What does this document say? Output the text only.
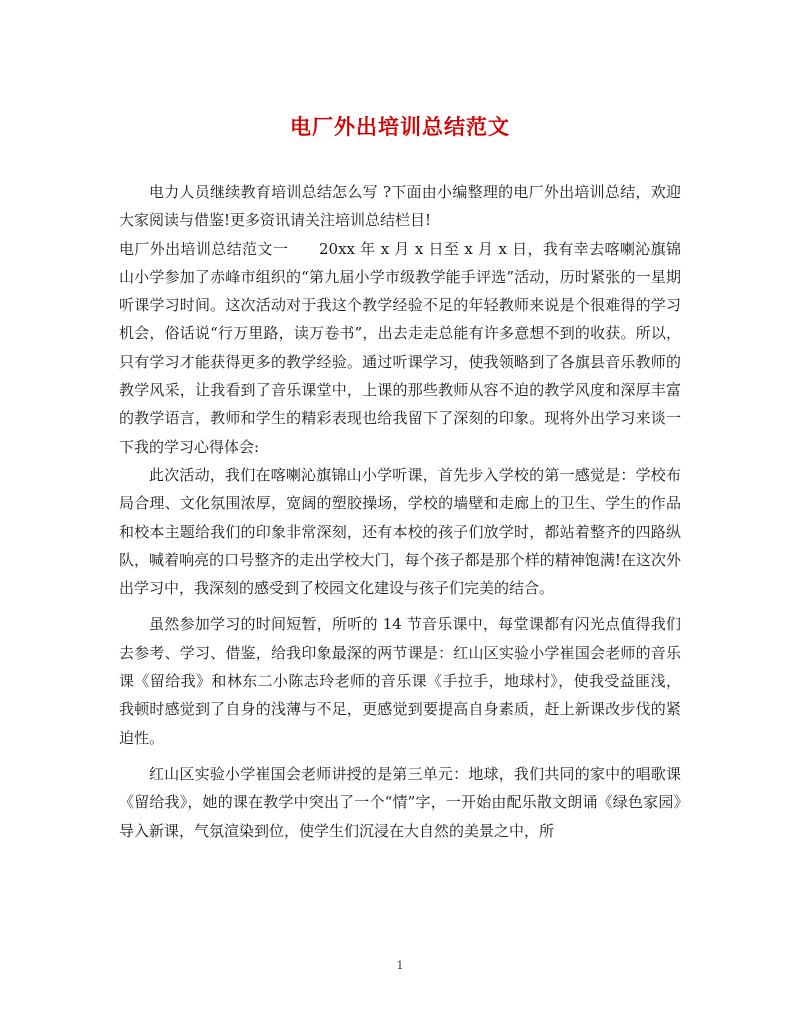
电厂外出培训总结范文

电力人员继续教育培训总结怎么写 ?下面由小编整理的电厂外出培训总结，欢迎大家阅读与借鉴!更多资讯请关注培训总结栏目!

电厂外出培训总结范文一　　20xx 年 x 月 x 日至 x 月 x 日，我有幸去喀喇沁旗锦山小学参加了赤峰市组织的“第九届小学市级教学能手评选”活动，历时紧张的一星期听课学习时间。这次活动对于我这个教学经验不足的年轻教师来说是个很难得的学习机会，俗话说“行万里路，读万卷书”，出去走走总能有许多意想不到的收获。所以，只有学习才能获得更多的教学经验。通过听课学习，使我领略到了各旗县音乐教师的教学风采，让我看到了音乐课堂中，上课的那些教师从容不迫的教学风度和深厚丰富的教学语言，教师和学生的精彩表现也给我留下了深刻的印象。现将外出学习来谈一下我的学习心得体会:

此次活动，我们在喀喇沁旗锦山小学听课，首先步入学校的第一感觉是：学校布局合理、文化氛围浓厚，宽阔的塑胶操场，学校的墙壁和走廊上的卫生、学生的作品和校本主题给我们的印象非常深刻，还有本校的孩子们放学时，都站着整齐的四路纵队，喊着响亮的口号整齐的走出学校大门，每个孩子都是那个样的精神饱满!在这次外出学习中，我深刻的感受到了校园文化建设与孩子们完美的结合。

虽然参加学习的时间短暂，所听的 14 节音乐课中，每堂课都有闪光点值得我们去参考、学习、借鉴，给我印象最深的两节课是：红山区实验小学崔国会老师的音乐课《留给我》和林东二小陈志玲老师的音乐课《手拉手，地球村》，使我受益匪浅，我顿时感觉到了自身的浅薄与不足，更感觉到要提高自身素质，赶上新课改步伐的紧迫性。

红山区实验小学崔国会老师讲授的是第三单元：地球，我们共同的家中的唱歌课《留给我》，她的课在教学中突出了一个“情”字，一开始由配乐散文朗诵《绿色家园》导入新课，气氛渲染到位，使学生们沉浸在大自然的美景之中，所

1
